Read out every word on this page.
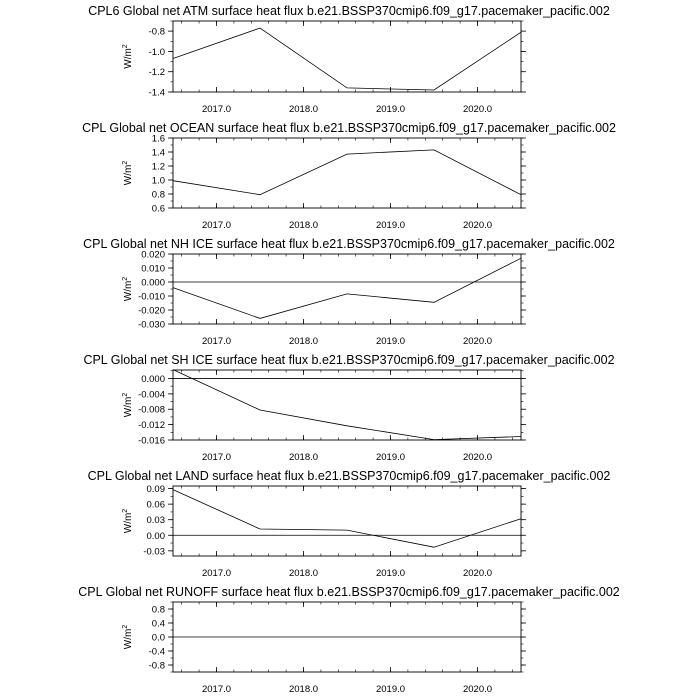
CPL6 Global net ATM surface heat flux b.e21.BSSP370cmip6.f09_g17.pacemaker_pacific.002
2017.0	2018.0	2019.0	2020.0
-0.8
-1.0
-1.2
-1.4
$W/m^2$
CPL Global net OCEAN surface heat flux b.e21.BSSP370cmip6.f09_g17.pacemaker_pacific.002
2017.0	2018.0	2019.0	2020.0
1.6
1.4
1.2
1.0
0.8
0.6
$W/m^2$
CPL Global net NH ICE surface heat flux b.e21.BSSP370cmip6.f09_g17.pacemaker_pacific.002
2017.0	2018.0	2019.0	2020.0
0.020
0.010
0.000
-0.010
-0.020
-0.030
$W/m^2$
CPL Global net SH ICE surface heat flux b.e21.BSSP370cmip6.f09_g17.pacemaker_pacific.002
2017.0	2018.0	2019.0	2020.0
0.000
-0.004
-0.008
-0.012
-0.016
$W/m^2$
CPL Global net LAND surface heat flux b.e21.BSSP370cmip6.f09_g17.pacemaker_pacific.002
2017.0	2018.0	2019.0	2020.0
0.09
0.06
0.03
0.00
-0.03
$W/m^2$
CPL Global net RUNOFF surface heat flux b.e21.BSSP370cmip6.f09_g17.pacemaker_pacific.002
2017.0	2018.0	2019.0	2020.0
0.8
0.4
0.0
-0.4
-0.8
$W/m^2$
